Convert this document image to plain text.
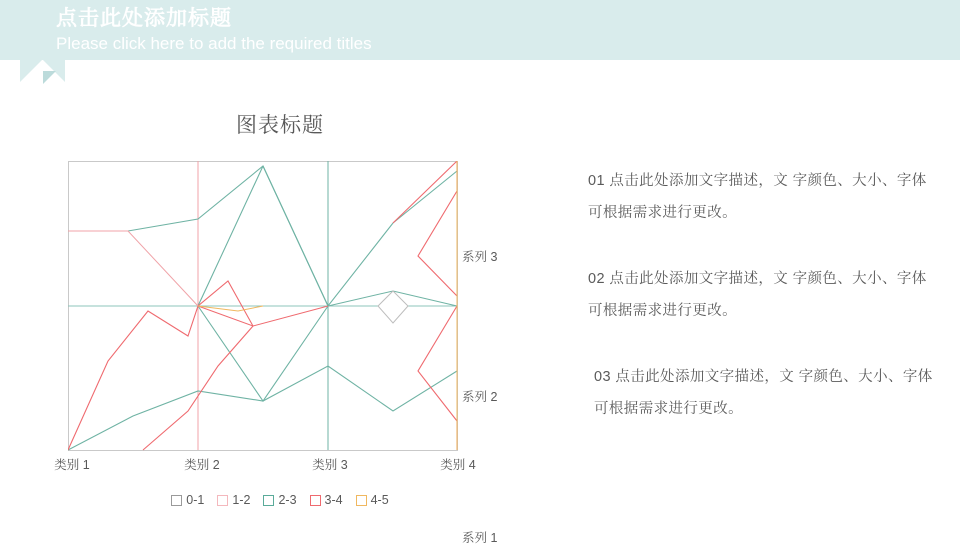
点击此处添加标题
Please click here to add the required titles
图表标题
系列 3
系列 2
系列 1
类别 1	类别 2	类别 3	类别 4
0-1 1-2 2-3 3-4 4-5
01 点击此处添加文字描述，文 字颜色、大小、字体可根据需求进行更改。
02 点击此处添加文字描述，文 字颜色、大小、字体可根据需求进行更改。
03 点击此处添加文字描述，文 字颜色、大小、字体可根据需求进行更改。
